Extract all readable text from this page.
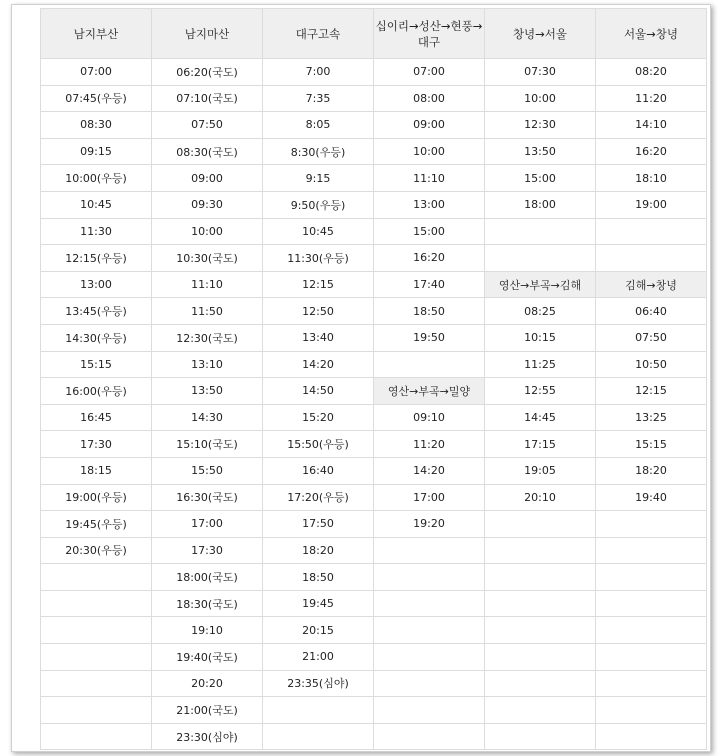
남지부산	남지마산	대구고속	십이리→성산→현풍→대구	창녕→서울	서울→창녕
07:00	06:20(국도)	7:00	07:00	07:30	08:20
07:45(우등)	07:10(국도)	7:35	08:00	10:00	11:20
08:30	07:50	8:05	09:00	12:30	14:10
09:15	08:30(국도)	8:30(우등)	10:00	13:50	16:20
10:00(우등)	09:00	9:15	11:10	15:00	18:10
10:45	09:30	9:50(우등)	13:00	18:00	19:00
11:30	10:00	10:45	15:00		
12:15(우등)	10:30(국도)	11:30(우등)	16:20		
13:00	11:10	12:15	17:40	영산→부곡→김해	김해→창녕
13:45(우등)	11:50	12:50	18:50	08:25	06:40
14:30(우등)	12:30(국도)	13:40	19:50	10:15	07:50
15:15	13:10	14:20		11:25	10:50
16:00(우등)	13:50	14:50	영산→부곡→밀양	12:55	12:15
16:45	14:30	15:20	09:10	14:45	13:25
17:30	15:10(국도)	15:50(우등)	11:20	17:15	15:15
18:15	15:50	16:40	14:20	19:05	18:20
19:00(우등)	16:30(국도)	17:20(우등)	17:00	20:10	19:40
19:45(우등)	17:00	17:50	19:20		
20:30(우등)	17:30	18:20			
	18:00(국도)	18:50			
	18:30(국도)	19:45			
	19:10	20:15			
	19:40(국도)	21:00			
	20:20	23:35(심야)			
	21:00(국도)				
	23:30(심야)				
